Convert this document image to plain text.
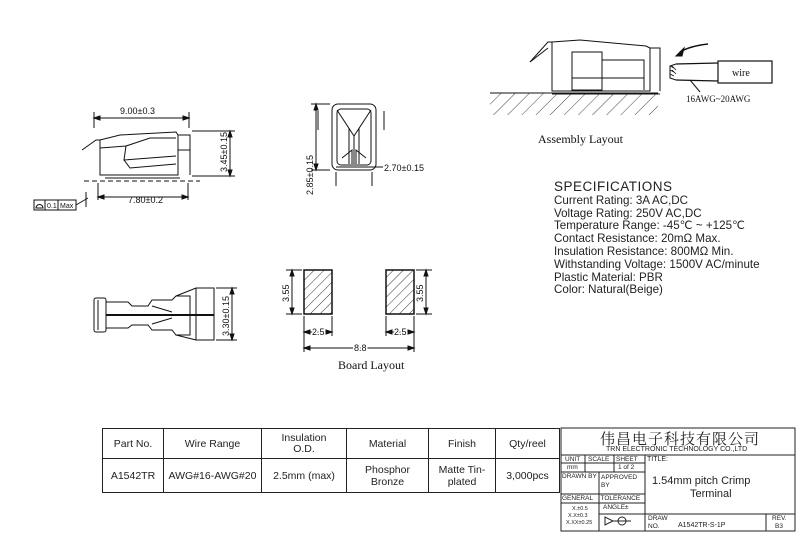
9.00±0.3
7.80±0.2
3.45±0.15
0.1 Max
2.85±0.15	2.70±0.15
3.30±0.15
3.55	3.55
2.5	2.5
8.8
Board Layout
wire
16AWG~20AWG
Assembly Layout
SPECIFICATIONS
Current Rating: 3A AC,DC
Voltage Rating: 250V AC,DC
Temperature Range: -45℃ ~ +125℃
Contact Resistance: 20mΩ Max.
Insulation Resistance: 800MΩ Min.
Withstanding Voltage: 1500V AC/minute
Plastic Material: PBR
Color: Natural(Beige)
Part No.	Wire Range	Insulation O.D.	Material	Finish	Qty/reel
A1542TR	AWG#16-AWG#20	2.5mm (max)	Phosphor Bronze	Matte Tin-plated	3,000pcs
伟昌电子科技有限公司
TRN ELECTRONIC TECHNOLOGY CO.,LTD
UNIT
mm
SCALE SHEET
1 of 2
TITLE:
1.54mm pitch Crimp
Terminal
DRAWN BY APPROVED BY
GENERAL TOLERANCE
X.±0.5
X.X±0.3
X.XX±0.25
ANGLE±
DRAW NO.	A1542TR-S-1P
REV.
B3
